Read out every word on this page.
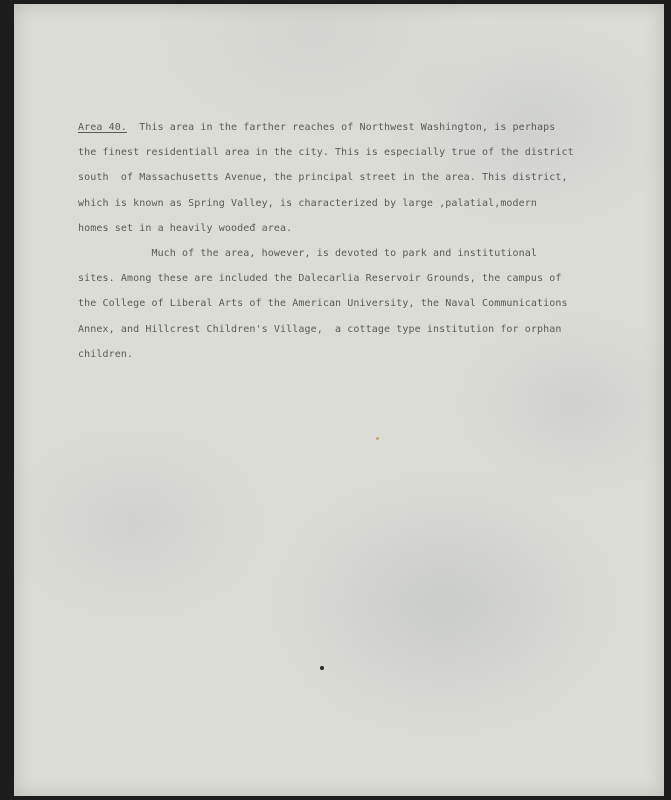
Area 40.  This area in the farther reaches of Northwest Washington, is perhaps
the finest residentiall area in the city. This is especially true of the district
south  of Massachusetts Avenue, the principal street in the area. This district,
which is known as Spring Valley, is characterized by large ,palatial,modern
homes set in a heavily woodeđ area.
Much of the area, however, is devoted to park and institutional
sites. Among these are included the Dalecarlia Reservoir Grounds, the campus of
the College of Liberal Arts of the American University, the Naval Communications
Annex, and Hillcrest Children's Village,  a cottage type institution for orphan
children.
